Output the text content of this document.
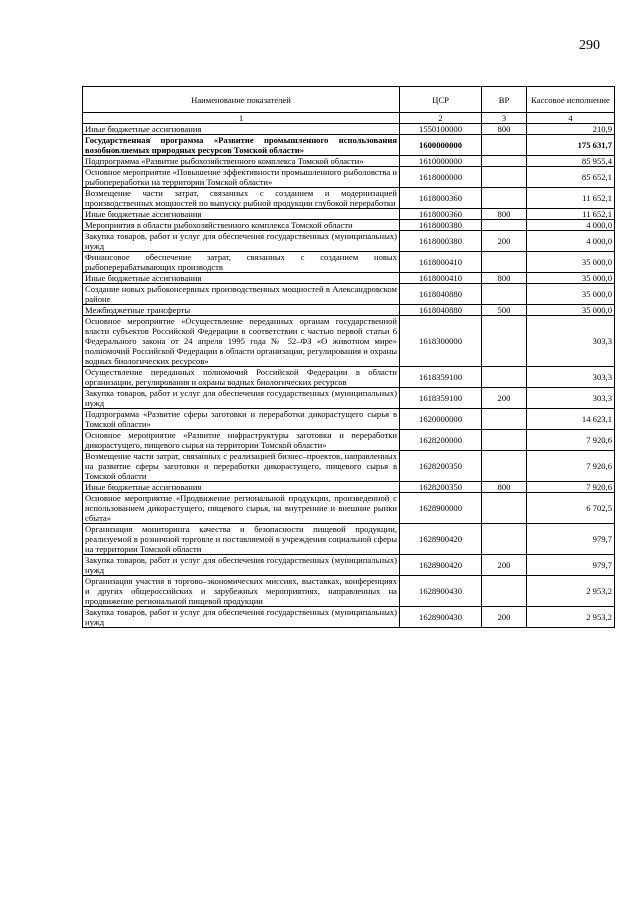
290
Наименование показателей	ЦСР	ВР	Кассовое исполнение
1	2	3	4
Иные бюджетные ассигнования	1550100000	800	210,9
Государственная программа «Развитие промышленного использования возобновляемых природных ресурсов Томской области»	1600000000		175 631,7
Подпрограмма «Развитие рыбохозяйственного комплекса Томской области»	1610000000		85 955,4
Основное мероприятие «Повышение эффективности промышленного рыболовства и рыбопереработки на территории Томской области»	1618000000		85 652,1
Возмещение части затрат, связанных с созданием и модернизацией производственных мощностей по выпуску рыбной продукции глубокой переработки	1618000360		11 652,1
Иные бюджетные ассигнования	1618000360	800	11 652,1
Мероприятия в области рыбохозяйственного комплекса Томской области	1618000380		4 000,0
Закупка товаров, работ и услуг для обеспечения государственных (муниципальных) нужд	1618000380	200	4 000,0
Финансовое обеспечение затрат, связанных с созданием новых рыбоперерабатывающих производств	1618000410		35 000,0
Иные бюджетные ассигнования	1618000410	800	35 000,0
Создание новых рыбоконсервных производственных мощностей в Александровском районе	1618040880		35 000,0
Межбюджетные трансферты	1618040880	500	35 000,0
Основное мероприятие «Осуществление переданных органам государственной власти субъектов Российской Федерации в соответствии с частью первой статьи 6 Федерального закона от 24 апреля 1995 года № 52–ФЗ «О животном мире» полномочий Российской Федерации в области организации, регулирования и охраны водных биологических ресурсов»	1618300000		303,3
Осуществление переданных полномочий Российской Федерации в области организации, регулирования и охраны водных биологических ресурсов	1618359100		303,3
Закупка товаров, работ и услуг для обеспечения государственных (муниципальных) нужд	1618359100	200	303,3
Подпрограмма «Развитие сферы заготовки и переработки дикорастущего сырья в Томской области»	1620000000		14 623,1
Основное мероприятие «Развитие инфраструктуры заготовки и переработки дикорастущего, пищевого сырья на территории Томской области»	1628200000		7 920,6
Возмещение части затрат, связанных с реализацией бизнес–проектов, направленных на развитие сферы заготовки и переработки дикорастущего, пищевого сырья в Томской области	1628200350		7 920,6
Иные бюджетные ассигнования	1628200350	800	7 920,6
Основное мероприятие «Продвижение региональной продукции, произведенной с использованием дикорастущего, пищевого сырья, на внутренние и внешние рынки сбыта»	1628900000		6 702,5
Организация мониторинга качества и безопасности пищевой продукции, реализуемой в розничной торговле и поставляемой в учреждения социальной сферы на территории Томской области	1628900420		979,7
Закупка товаров, работ и услуг для обеспечения государственных (муниципальных) нужд	1628900420	200	979,7
Организация участия в торгово–экономических миссиях, выставках, конференциях и других общероссийских и зарубежных мероприятиях, направленных на продвижение региональной пищевой продукции	1628900430		2 953,2
Закупка товаров, работ и услуг для обеспечения государственных (муниципальных) нужд	1628900430	200	2 953,2
